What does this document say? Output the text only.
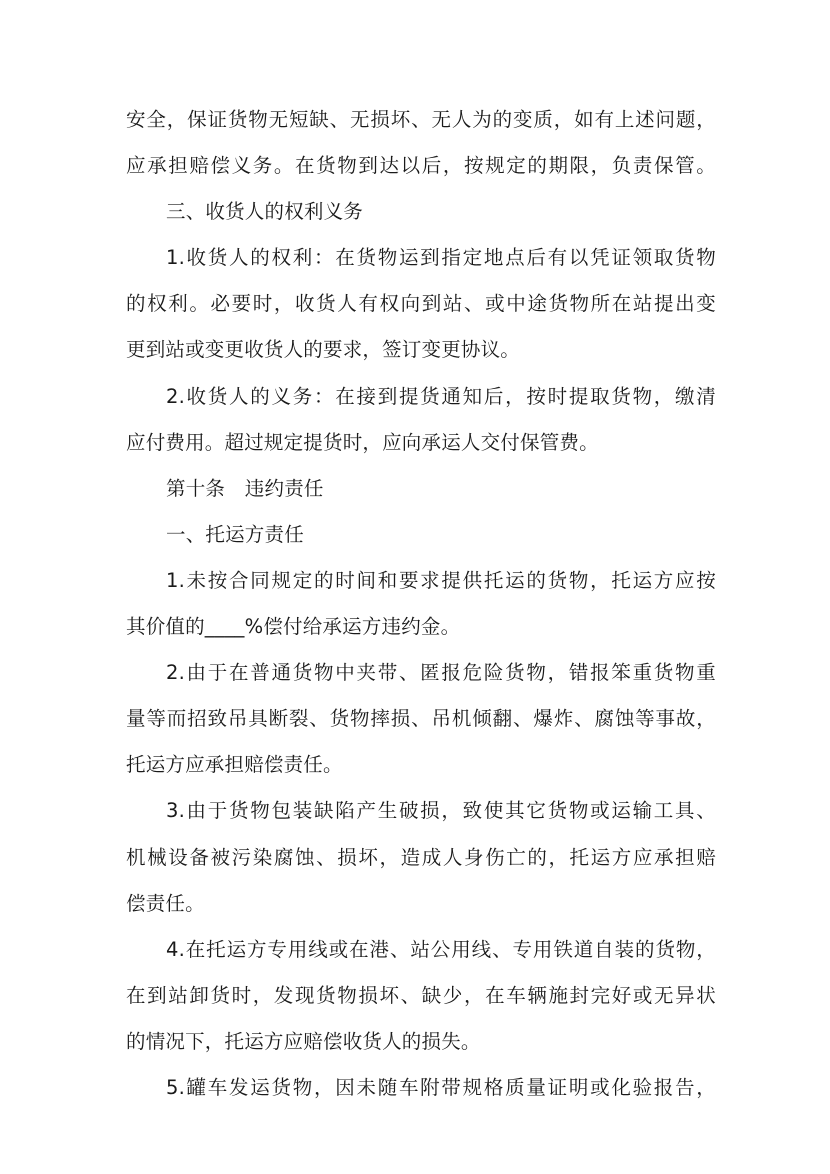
安全，保证货物无短缺、无损坏、无人为的变质，如有上述问题，
应承担赔偿义务。在货物到达以后，按规定的期限，负责保管。
三、收货人的权利义务
1.收货人的权利：在货物运到指定地点后有以凭证领取货物
的权利。必要时，收货人有权向到站、或中途货物所在站提出变
更到站或变更收货人的要求，签订变更协议。
2.收货人的义务：在接到提货通知后，按时提取货物，缴清
应付费用。超过规定提货时，应向承运人交付保管费。
第十条　违约责任
一、托运方责任
1.未按合同规定的时间和要求提供托运的货物，托运方应按
其价值的____%偿付给承运方违约金。
2.由于在普通货物中夹带、匿报危险货物，错报笨重货物重
量等而招致吊具断裂、货物摔损、吊机倾翻、爆炸、腐蚀等事故，
托运方应承担赔偿责任。
3.由于货物包装缺陷产生破损，致使其它货物或运输工具、
机械设备被污染腐蚀、损坏，造成人身伤亡的，托运方应承担赔
偿责任。
4.在托运方专用线或在港、站公用线、专用铁道自装的货物，
在到站卸货时，发现货物损坏、缺少，在车辆施封完好或无异状
的情况下，托运方应赔偿收货人的损失。
5.罐车发运货物，因未随车附带规格质量证明或化验报告，
